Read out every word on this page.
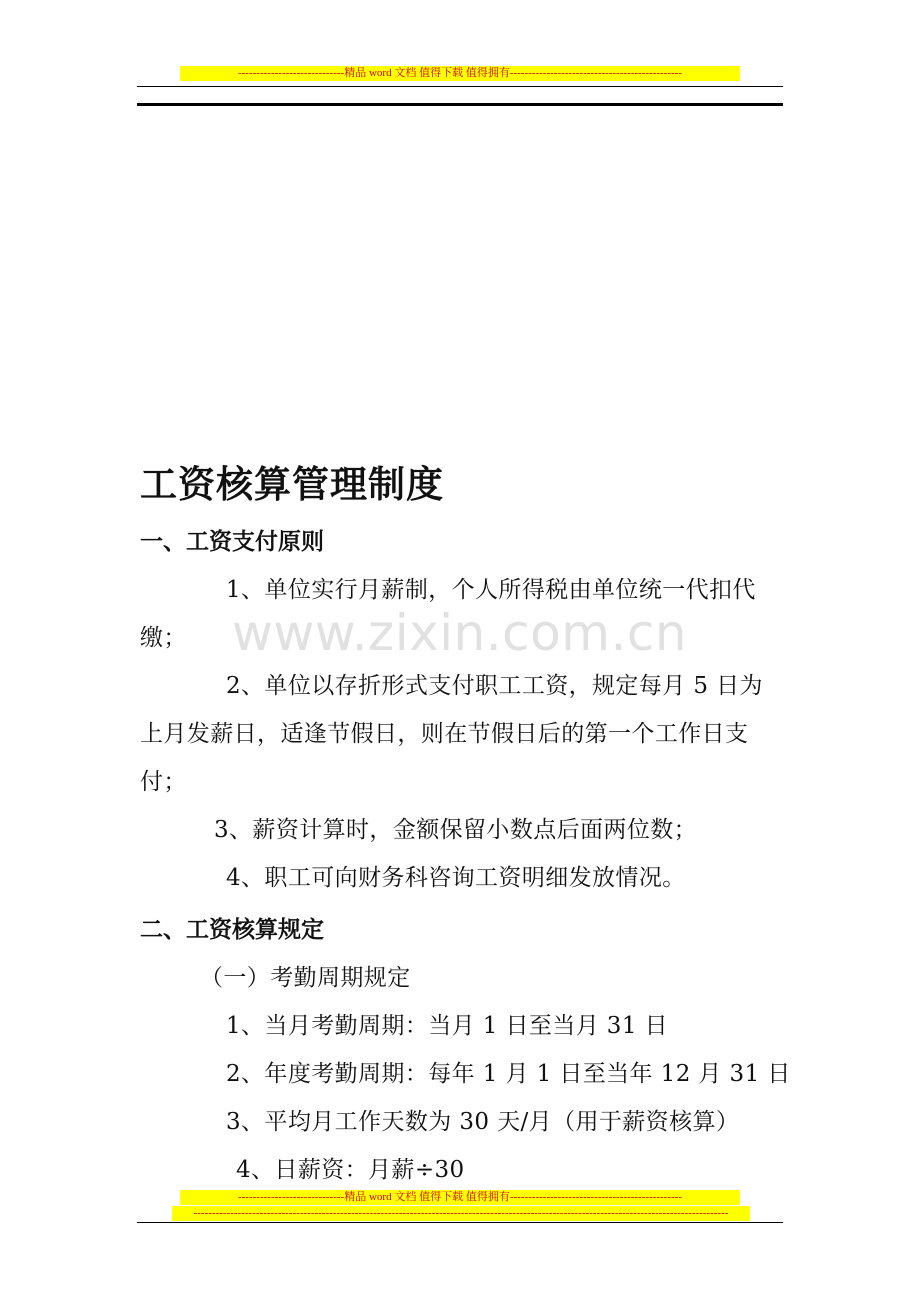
-----------------------------精品 word 文档 值得下载 值得拥有-----------------------------------------------
www.zixin.com.cn
工资核算管理制度
一、工资支付原则

1、单位实行月薪制，个人所得税由单位统一代扣代缴；

2、单位以存折形式支付职工工资，规定每月 5 日为上月发薪日，适逢节假日，则在节假日后的第一个工作日支付；

3、薪资计算时，金额保留小数点后面两位数；

4、职工可向财务科咨询工资明细发放情况。

二、工资核算规定

（一）考勤周期规定

1、当月考勤周期：当月 1 日至当月 31 日

2、年度考勤周期：每年 1 月 1 日至当年 12 月 31 日

3、平均月工作天数为 30 天/月（用于薪资核算）

4、日薪资：月薪÷30

-----------------------------精品 word 文档 值得下载 值得拥有-----------------------------------------------
--------------------------------------------------------------------------------------------------------------------------------------------------
